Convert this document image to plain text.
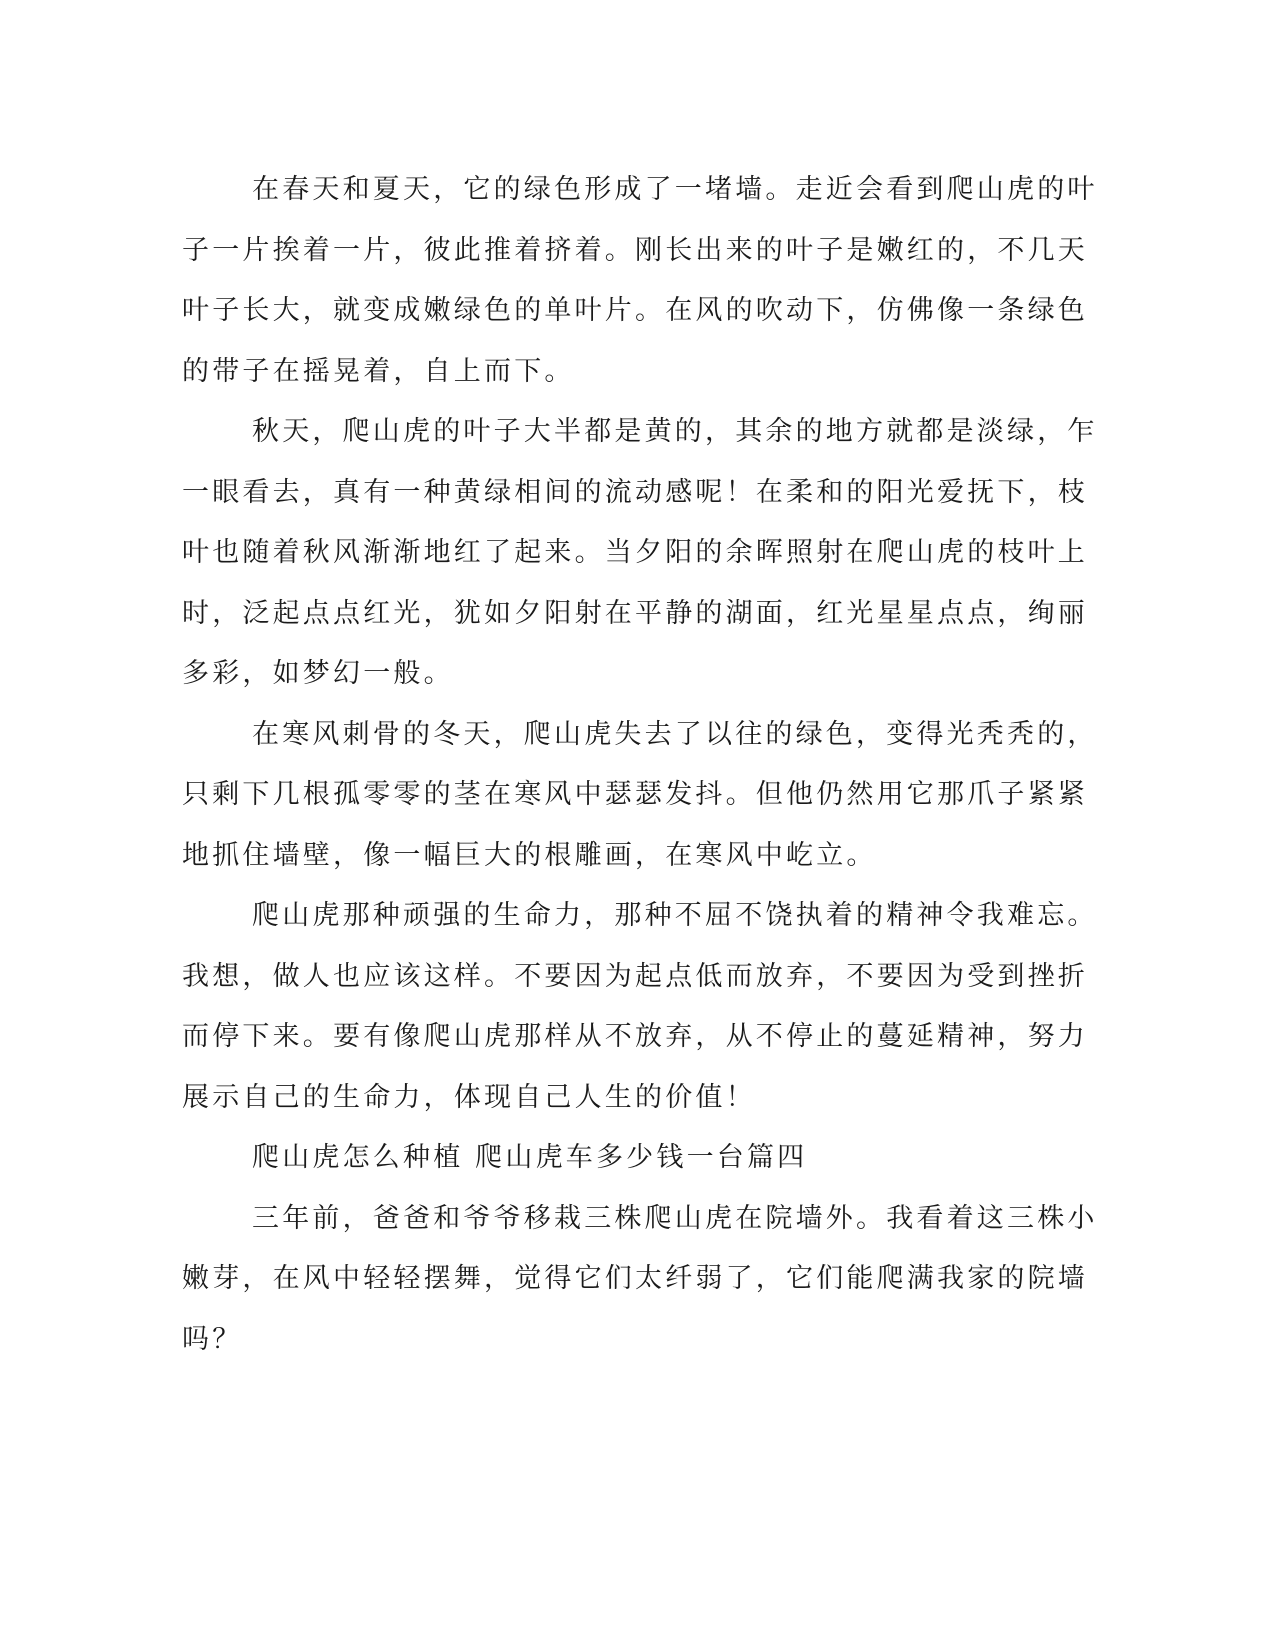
在春天和夏天，它的绿色形成了一堵墙。走近会看到爬山虎的叶
子一片挨着一片，彼此推着挤着。刚长出来的叶子是嫩红的，不几天
叶子长大，就变成嫩绿色的单叶片。在风的吹动下，仿佛像一条绿色
的带子在摇晃着，自上而下。
秋天，爬山虎的叶子大半都是黄的，其余的地方就都是淡绿，乍
一眼看去，真有一种黄绿相间的流动感呢！在柔和的阳光爱抚下，枝
叶也随着秋风渐渐地红了起来。当夕阳的余晖照射在爬山虎的枝叶上
时，泛起点点红光，犹如夕阳射在平静的湖面，红光星星点点，绚丽
多彩，如梦幻一般。
在寒风刺骨的冬天，爬山虎失去了以往的绿色，变得光秃秃的，
只剩下几根孤零零的茎在寒风中瑟瑟发抖。但他仍然用它那爪子紧紧
地抓住墙壁，像一幅巨大的根雕画，在寒风中屹立。
爬山虎那种顽强的生命力，那种不屈不饶执着的精神令我难忘。
我想，做人也应该这样。不要因为起点低而放弃，不要因为受到挫折
而停下来。要有像爬山虎那样从不放弃，从不停止的蔓延精神，努力
展示自己的生命力，体现自己人生的价值！
爬山虎怎么种植 爬山虎车多少钱一台篇四
三年前，爸爸和爷爷移栽三株爬山虎在院墙外。我看着这三株小
嫩芽，在风中轻轻摆舞，觉得它们太纤弱了，它们能爬满我家的院墙
吗？
